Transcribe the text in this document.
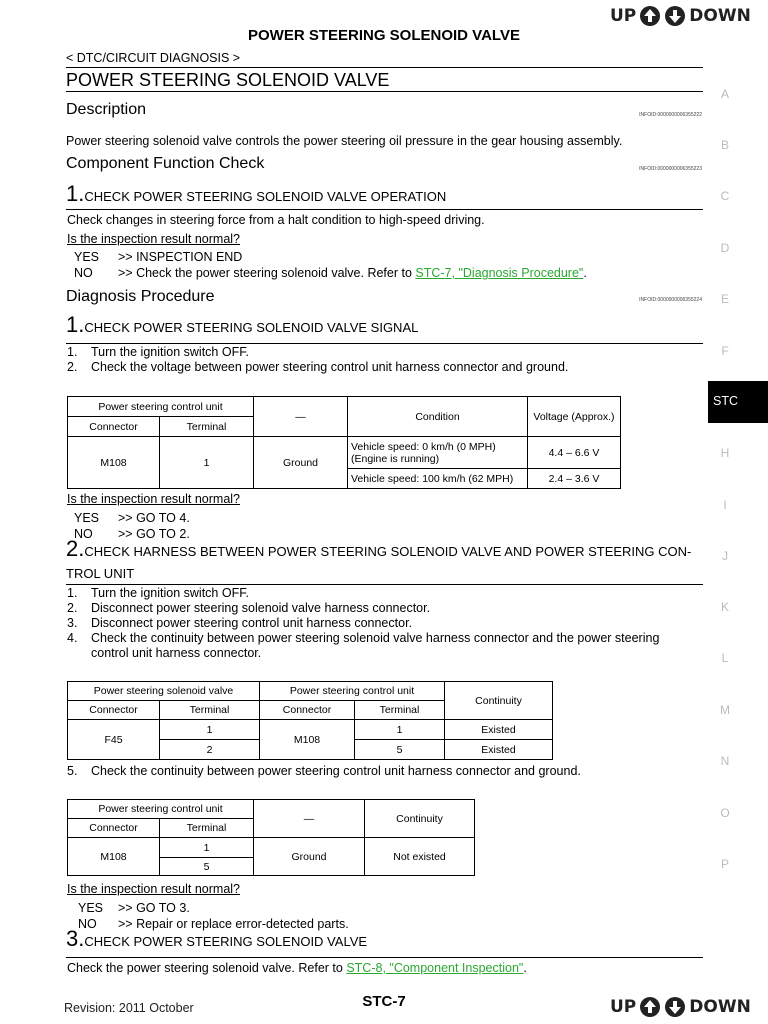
UP	DOWN
POWER STEERING SOLENOID VALVE
< DTC/CIRCUIT DIAGNOSIS >
POWER STEERING SOLENOID VALVE
Description	INFOID:0000000006355222
Power steering solenoid valve controls the power steering oil pressure in the gear housing assembly.
Component Function Check	INFOID:0000000006355223
1.CHECK POWER STEERING SOLENOID VALVE OPERATION
Check changes in steering force from a halt condition to high-speed driving.
Is the inspection result normal?
YES >> INSPECTION END
NO >> Check the power steering solenoid valve. Refer to STC-7, "Diagnosis Procedure".
Diagnosis Procedure	INFOID:0000000006355224
1.CHECK POWER STEERING SOLENOID VALVE SIGNAL
1. Turn the ignition switch OFF.
2. Check the voltage between power steering control unit harness connector and ground.
Power steering control unit		—	Condition	Voltage (Approx.)
Connector	Terminal			
M108	1	Ground	Vehicle speed: 0 km/h (0 MPH) (Engine is running)	4.4 – 6.6 V
			Vehicle speed: 100 km/h (62 MPH)	2.4 – 3.6 V
Is the inspection result normal?
YES >> GO TO 4.
NO >> GO TO 2.
2.CHECK HARNESS BETWEEN POWER STEERING SOLENOID VALVE AND POWER STEERING CON-
TROL UNIT
1. Turn the ignition switch OFF.
2. Disconnect power steering solenoid valve harness connector.
3. Disconnect power steering control unit harness connector.
4. Check the continuity between power steering solenoid valve harness connector and the power steering
control unit harness connector.
Power steering solenoid valve		Power steering control unit		Continuity
Connector	Terminal	Connector	Terminal	
F45	1	M108	1	Existed
	2		5	Existed
5. Check the continuity between power steering control unit harness connector and ground.
Power steering control unit		—	Continuity
Connector	Terminal		
M108	1	Ground	Not existed
	5		
Is the inspection result normal?
YES >> GO TO 3.
NO >> Repair or replace error-detected parts.
3.CHECK POWER STEERING SOLENOID VALVE
Check the power steering solenoid valve. Refer to STC-8, "Component Inspection".
A
B
C
D
E
F
STC
H
I
J
K
L
M
N
O
P
Revision: 2011 October	STC-7	UP	DOWN
